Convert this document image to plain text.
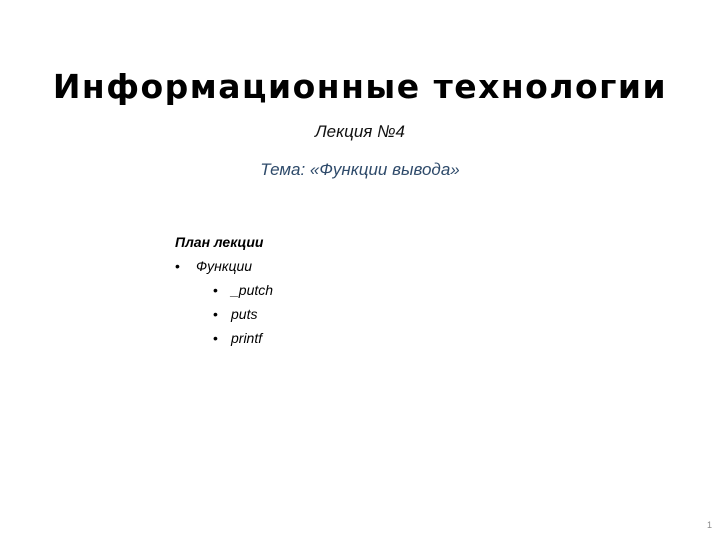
Информационные технологии
Лекция №4
Тема: «Функции вывода»
План лекции
• Функции
• _putch
• puts
• printf
1
